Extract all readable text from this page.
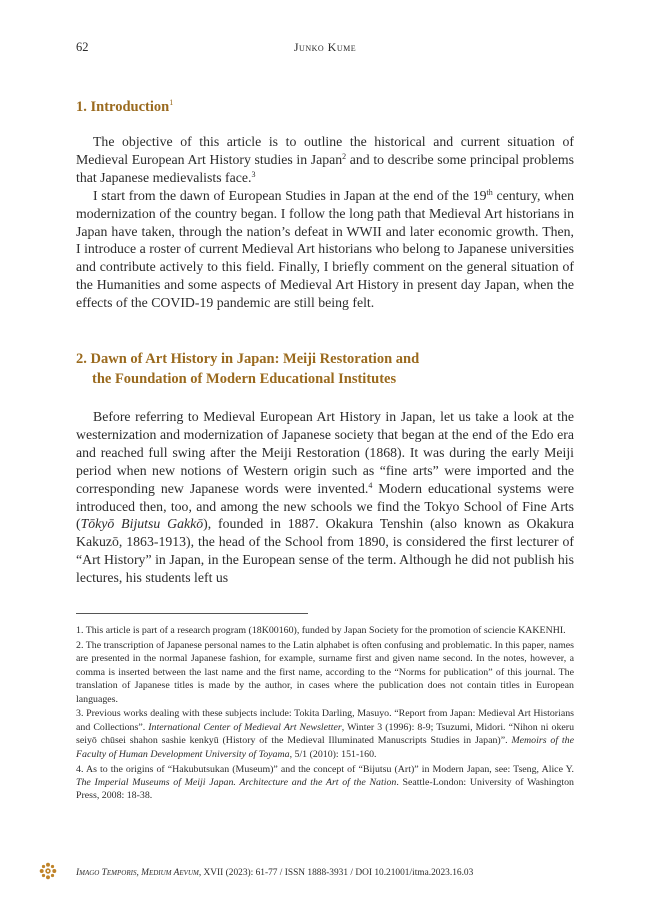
62	Junko Kume
1. Introduction$^1$

The objective of this article is to outline the historical and current situation of Medieval European Art History studies in Japan$^2$ and to describe some principal problems that Japanese medievalists face.$^3$

I start from the dawn of European Studies in Japan at the end of the 19th century, when modernization of the country began. I follow the long path that Medieval Art historians in Japan have taken, through the nation’s defeat in WWII and later economic growth. Then, I introduce a roster of current Medieval Art historians who belong to Japanese universities and contribute actively to this field. Finally, I briefly comment on the general situation of the Humanities and some aspects of Medieval Art History in present day Japan, when the effects of the COVID-19 pandemic are still being felt.

2. Dawn of Art History in Japan: Meiji Restoration and
the Foundation of Modern Educational Institutes

Before referring to Medieval European Art History in Japan, let us take a look at the westernization and modernization of Japanese society that began at the end of the Edo era and reached full swing after the Meiji Restoration (1868). It was during the early Meiji period when new notions of Western origin such as “fine arts” were imported and the corresponding new Japanese words were invented.$^4$ Modern educational systems were introduced then, too, and among the new schools we find the Tokyo School of Fine Arts (Tōkyō Bijutsu Gakkō), founded in 1887. Okakura Tenshin (also known as Okakura Kakuzō, 1863-1913), the head of the School from 1890, is considered the first lecturer of “Art History” in Japan, in the European sense of the term. Although he did not publish his lectures, his students left us

1. This article is part of a research program (18K00160), funded by Japan Society for the promotion of sciencie KAKENHI.

2. The transcription of Japanese personal names to the Latin alphabet is often confusing and problematic. In this paper, names are presented in the normal Japanese fashion, for example, surname first and given name second. In the notes, however, a comma is inserted between the last name and the first name, according to the “Norms for publication” of this journal. The translation of Japanese titles is made by the author, in cases where the publication does not contain titles in European languages.

3. Previous works dealing with these subjects include: Tokita Darling, Masuyo. “Report from Japan: Medieval Art Historians and Collections”. International Center of Medieval Art Newsletter, Winter 3 (1996): 8-9; Tsuzumi, Midori. “Nihon ni okeru seiyō chūsei shahon sashie kenkyū (History of the Medieval Illuminated Manuscripts Studies in Japan)”. Memoirs of the Faculty of Human Development University of Toyama, 5/1 (2010): 151-160.

4. As to the origins of “Hakubutsukan (Museum)” and the concept of “Bijutsu (Art)” in Modern Japan, see: Tseng, Alice Y. The Imperial Museums of Meiji Japan. Architecture and the Art of the Nation. Seattle-London: University of Washington Press, 2008: 18-38.

Imago Temporis, Medium Aevum, XVII (2023): 61-77 / ISSN 1888-3931 / DOI 10.21001/itma.2023.16.03
